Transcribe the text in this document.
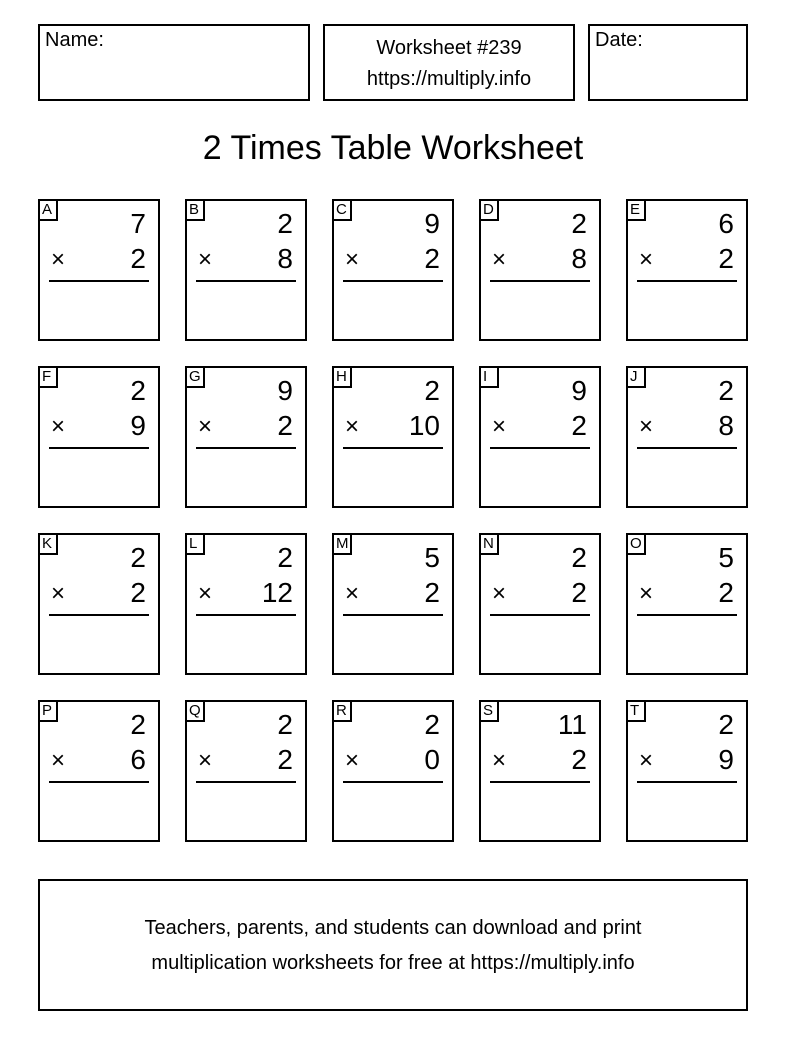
Name:	Worksheet #239
https://multiply.info
Date:
2 Times Table Worksheet
A	7
× 2
B	2
× 8
C	9
× 2
D	2
× 8
E	6
× 2
F	2
× 9
G	9
× 2
H	2
× 10
I	9
× 2
J	2
× 8
K	2
× 2
L	2
× 12
M	5
× 2
N	2
× 2
O	5
× 2
P	2
× 6
Q	2
× 2
R	2
× 0
S 11
× 2
T	2
× 9
Teachers, parents, and students can download and print
multiplication worksheets for free at https://multiply.info
